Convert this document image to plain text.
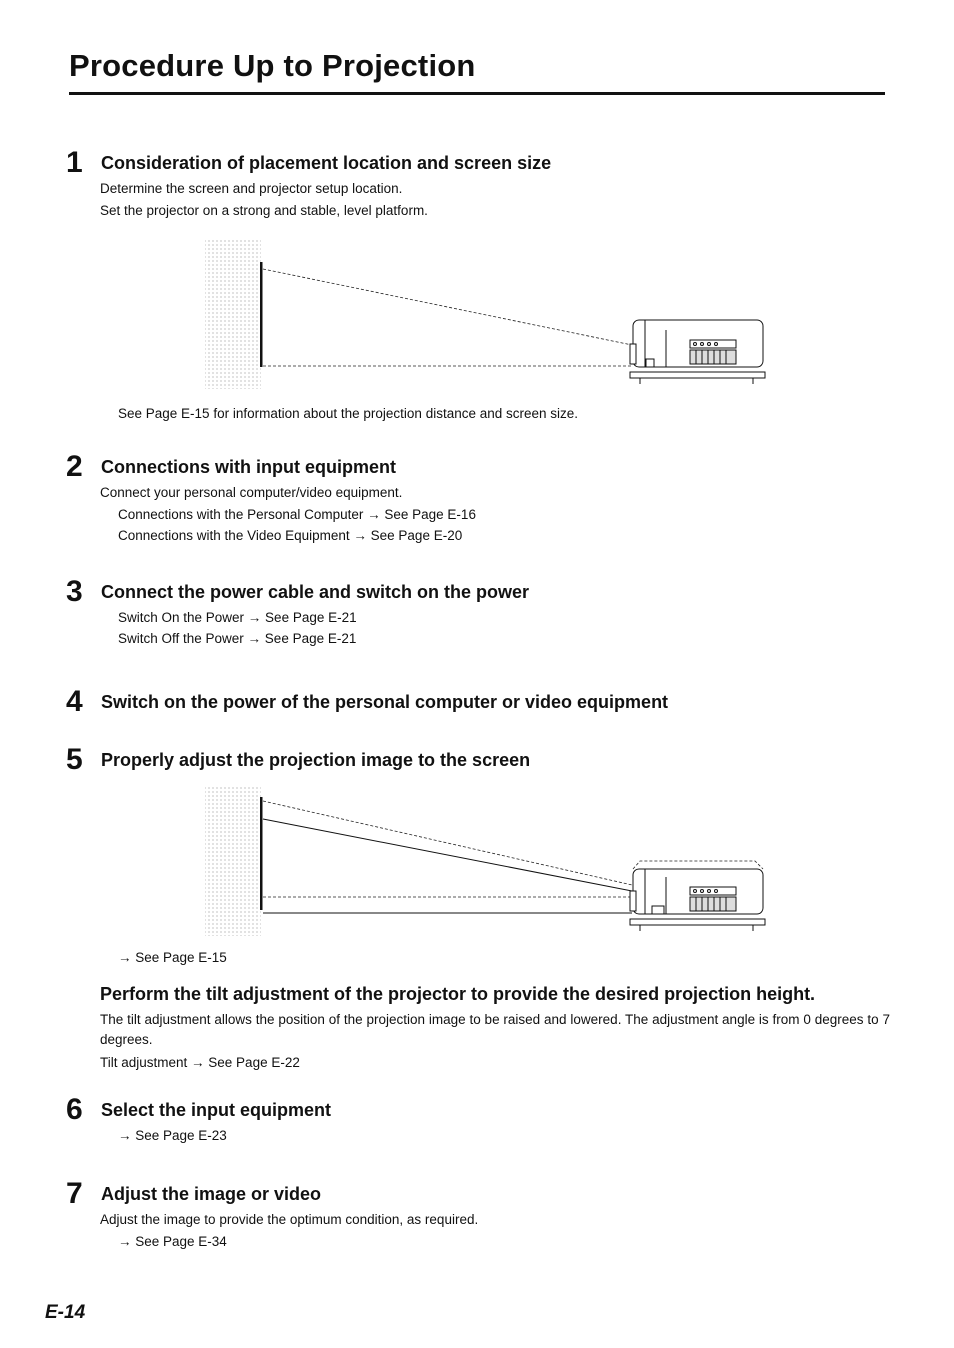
Procedure Up to Projection
1 Consideration of placement location and screen size
Determine the screen and projector setup location.
Set the projector on a strong and stable, level platform.
See Page E-15 for information about the projection distance and screen size.
2 Connections with input equipment
Connect your personal computer/video equipment.
Connections with the Personal Computer → See Page E-16
Connections with the Video Equipment → See Page E-20
3 Connect the power cable and switch on the power
Switch On the Power → See Page E-21
Switch Off the Power → See Page E-21
4 Switch on the power of the personal computer or video equipment
5 Properly adjust the projection image to the screen
→ See Page E-15
Perform the tilt adjustment of the projector to provide the desired projection height.
The tilt adjustment allows the position of the projection image to be raised and lowered. The adjustment angle is from 0 degrees to 7 degrees.
Tilt adjustment → See Page E-22
6 Select the input equipment
→ See Page E-23
7 Adjust the image or video
Adjust the image to provide the optimum condition, as required.
→ See Page E-34
E-14
